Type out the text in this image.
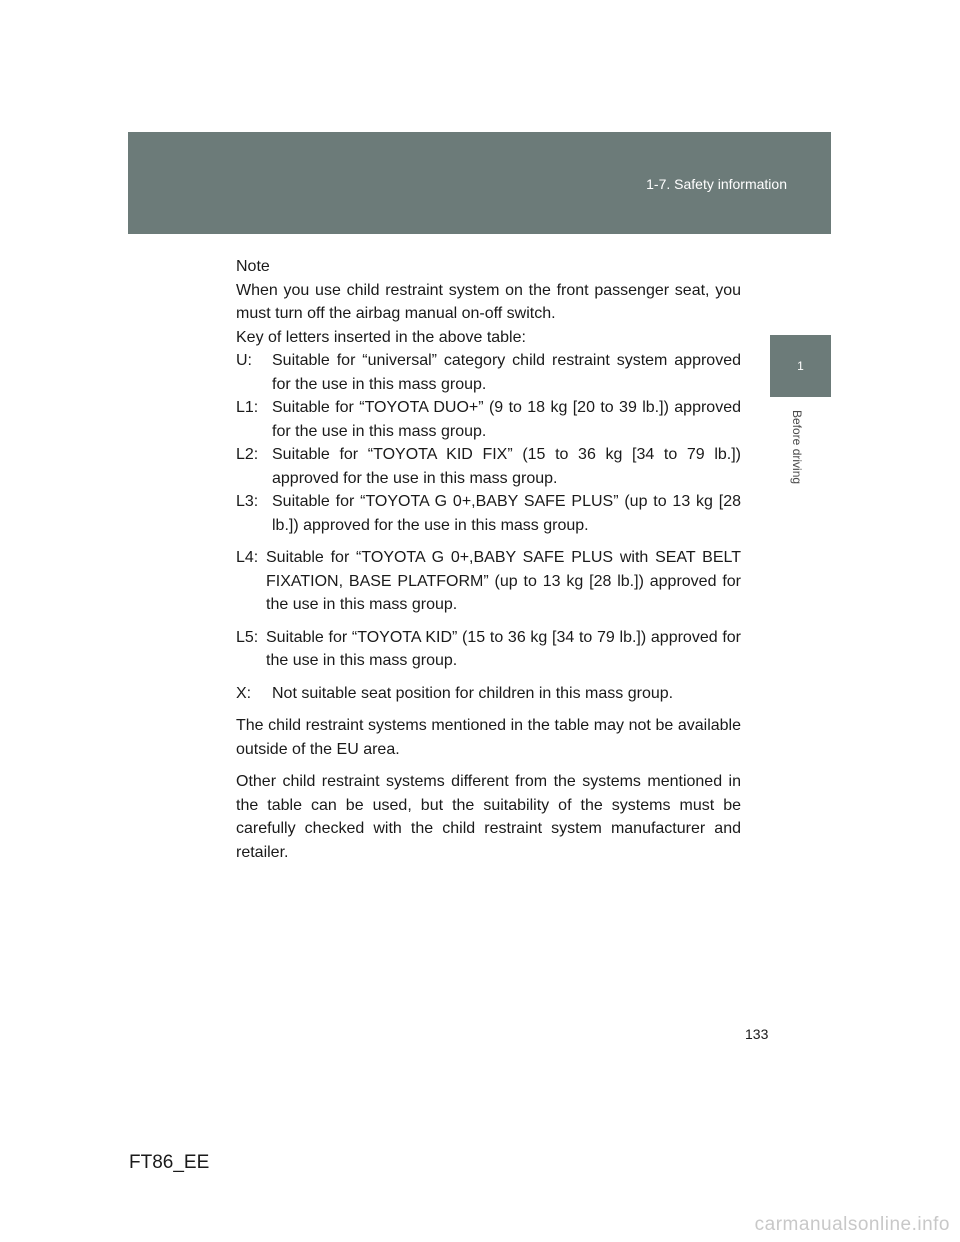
1-7. Safety information
1
Before driving

Note

When you use child restraint system on the front passenger seat, you must turn off the airbag manual on-off switch.

Key of letters inserted in the above table:

U:	Suitable for “universal” category child restraint system approved for the use in this mass group.
L1: Suitable for “TOYOTA DUO+” (9 to 18 kg [20 to 39 lb.]) approved for the use in this mass group.
L2: Suitable for “TOYOTA KID FIX” (15 to 36 kg [34 to 79 lb.]) approved for the use in this mass group.
L3: Suitable for “TOYOTA G 0+,BABY SAFE PLUS” (up to 13 kg [28 lb.]) approved for the use in this mass group.
L4: Suitable for “TOYOTA G 0+,BABY SAFE PLUS with SEAT BELT FIXATION, BASE PLATFORM” (up to 13 kg [28 lb.]) approved for the use in this mass group.
L5: Suitable for “TOYOTA KID” (15 to 36 kg [34 to 79 lb.]) approved for the use in this mass group.
X:	Not suitable seat position for children in this mass group.

The child restraint systems mentioned in the table may not be available outside of the EU area.

Other child restraint systems different from the systems mentioned in the table can be used, but the suitability of the systems must be carefully checked with the child restraint system manufacturer and retailer.

133
FT86_EE
carmanualsonline.info
